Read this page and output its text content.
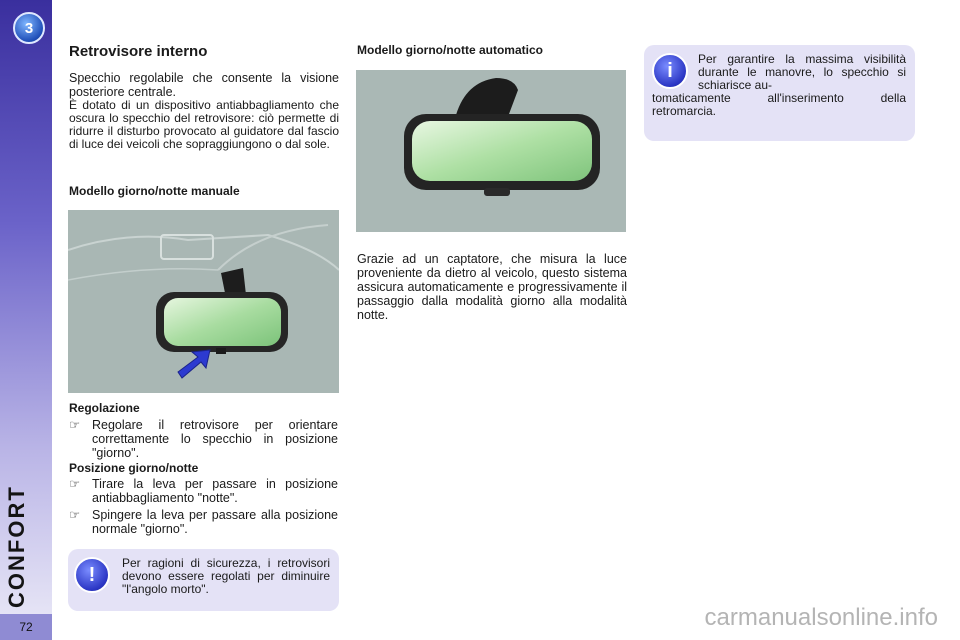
3
CONFORT
72
Retrovisore interno

Specchio regolabile che consente la visione posteriore centrale.

È dotato di un dispositivo antiabbagliamento che oscura lo specchio del retrovisore: ciò permette di ridurre il disturbo provocato al guidatore dal fascio di luce dei veicoli che sopraggiungono o dal sole.

Modello giorno/notte manuale
Regolazione
☞ Regolare il retrovisore per orientare correttamente lo specchio in posizione "giorno".
Posizione giorno/notte
☞ Tirare la leva per passare in posizione antiabbagliamento "notte".
☞ Spingere la leva per passare alla posizione normale "giorno".
!
Per ragioni di sicurezza, i retrovisori devono essere regolati per diminuire "l'angolo morto".
Modello giorno/notte automatico

Grazie ad un captatore, che misura la luce proveniente da dietro al veicolo, questo sistema assicura automaticamente e progressivamente il passaggio dalla modalità giorno alla modalità notte.

i
Per garantire la massima visibilità durante le manovre, lo specchio si schiarisce au-
tomaticamente all'inserimento della retromarcia.
carmanualsonline.info
